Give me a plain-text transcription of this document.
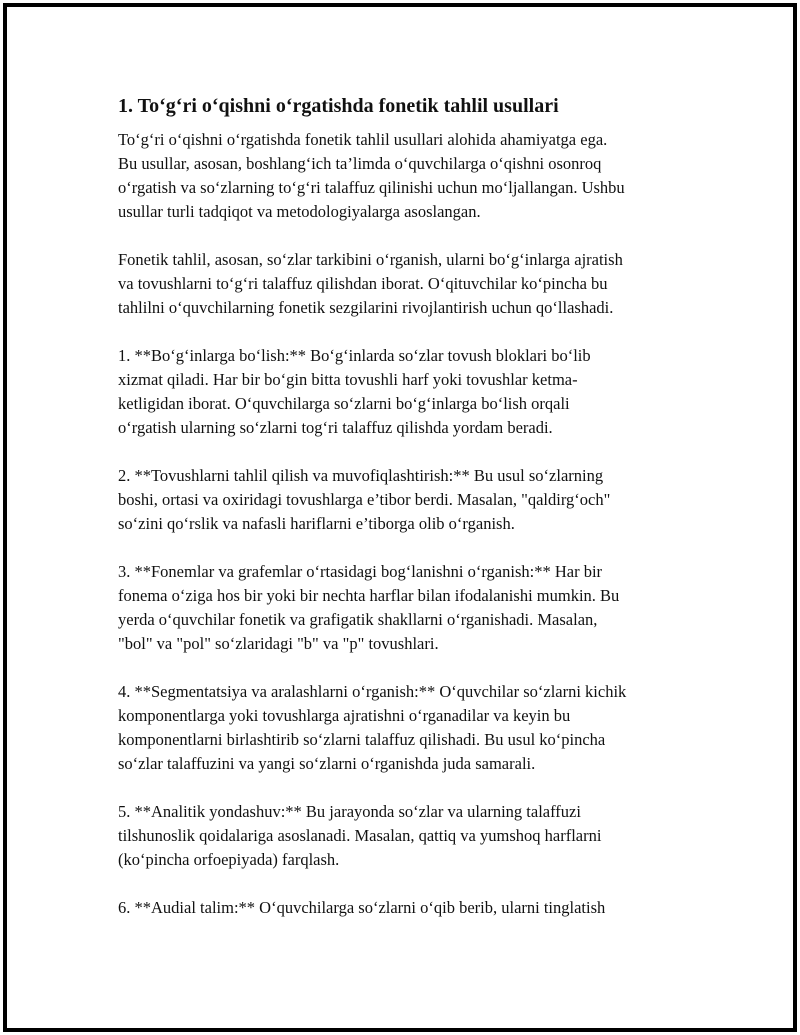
1. To‘g‘ri o‘qishni o‘rgatishda fonetik tahlil usullari

To‘g‘ri o‘qishni o‘rgatishda fonetik tahlil usullari alohida ahamiyatga ega.
Bu usullar, asosan, boshlang‘ich ta’limda o‘quvchilarga o‘qishni osonroq
o‘rgatish va so‘zlarning to‘g‘ri talaffuz qilinishi uchun mo‘ljallangan. Ushbu
usullar turli tadqiqot va metodologiyalarga asoslangan.

Fonetik tahlil, asosan, so‘zlar tarkibini o‘rganish, ularni bo‘g‘inlarga ajratish
va tovushlarni to‘g‘ri talaffuz qilishdan iborat. O‘qituvchilar ko‘pincha bu
tahlilni o‘quvchilarning fonetik sezgilarini rivojlantirish uchun qo‘llashadi.

1. **Bo‘g‘inlarga bo‘lish:** Bo‘g‘inlarda so‘zlar tovush bloklari bo‘lib
xizmat qiladi. Har bir bo‘gin bitta tovushli harf yoki tovushlar ketma-
ketligidan iborat. O‘quvchilarga so‘zlarni bo‘g‘inlarga bo‘lish orqali
o‘rgatish ularning so‘zlarni tog‘ri talaffuz qilishda yordam beradi.

2. **Tovushlarni tahlil qilish va muvofiqlashtirish:** Bu usul so‘zlarning
boshi, ortasi va oxiridagi tovushlarga e’tibor berdi. Masalan, "qaldirg‘och"
so‘zini qo‘rslik va nafasli hariflarni e’tiborga olib o‘rganish.

3. **Fonemlar va grafemlar o‘rtasidagi bog‘lanishni o‘rganish:** Har bir
fonema o‘ziga hos bir yoki bir nechta harflar bilan ifodalanishi mumkin. Bu
yerda o‘quvchilar fonetik va grafigatik shakllarni o‘rganishadi. Masalan,
"bol" va "pol" so‘zlaridagi "b" va "p" tovushlari.

4. **Segmentatsiya va aralashlarni o‘rganish:** O‘quvchilar so‘zlarni kichik
komponentlarga yoki tovushlarga ajratishni o‘rganadilar va keyin bu
komponentlarni birlashtirib so‘zlarni talaffuz qilishadi. Bu usul ko‘pincha
so‘zlar talaffuzini va yangi so‘zlarni o‘rganishda juda samarali.

5. **Analitik yondashuv:** Bu jarayonda so‘zlar va ularning talaffuzi
tilshunoslik qoidalariga asoslanadi. Masalan, qattiq va yumshoq harflarni
(ko‘pincha orfoepiyada) farqlash.

6. **Audial talim:** O‘quvchilarga so‘zlarni o‘qib berib, ularni tinglatish
